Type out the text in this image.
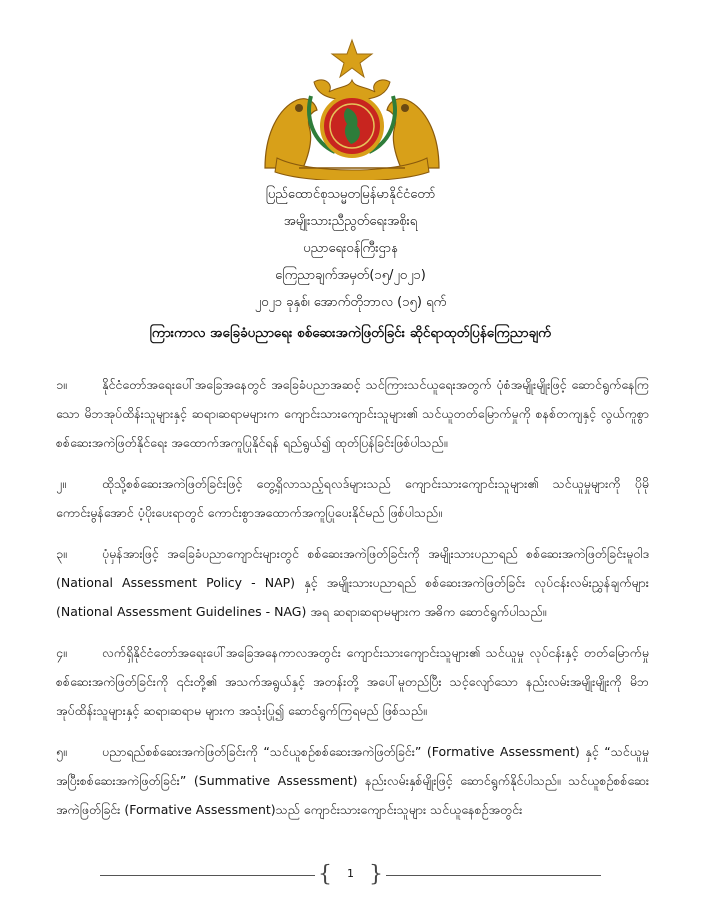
ပြည်ထောင်စုသမ္မတမြန်မာနိုင်ငံတော်
အမျိုးသားညီညွတ်ရေးအစိုးရ
ပညာရေးဝန်ကြီးဌာန
ကြေညာချက်အမှတ်(၁၅/၂၀၂၁)
၂၀၂၁ ခုနှစ်၊ အောက်တိုဘာလ (၁၅) ရက်
ကြားကာလ အခြေခံပညာရေး စစ်ဆေးအကဲဖြတ်ခြင်း ဆိုင်ရာထုတ်ပြန်ကြေညာချက်

၁။	နိုင်ငံတော်အရေးပေါ်အခြေအနေတွင် အခြေခံပညာအဆင့် သင်ကြားသင်ယူရေးအတွက် ပုံစံအမျိုးမျိုးဖြင့် ဆောင်ရွက်နေကြသော မိဘအုပ်ထိန်းသူများနှင့် ဆရာ၊ဆရာမများက ကျောင်းသားကျောင်းသူများ၏ သင်ယူတတ်မြောက်မှုကို စနစ်တကျနှင့် လွယ်ကူစွာ စစ်ဆေးအကဲဖြတ်နိုင်ရေး အထောက်အကူပြုနိုင်ရန် ရည်ရွယ်၍ ထုတ်ပြန်ခြင်းဖြစ်ပါသည်။

၂။	ထိုသို့စစ်ဆေးအကဲဖြတ်ခြင်းဖြင့် တွေ့ရှိလာသည့်ရလဒ်များသည် ကျောင်းသားကျောင်းသူများ၏ သင်ယူမှုများကို ပိုမိုကောင်းမွန်အောင် ပံ့ပိုးပေးရာတွင် ကောင်းစွာအထောက်အကူပြုပေးနိုင်မည် ဖြစ်ပါသည်။

၃။	ပုံမှန်အားဖြင့် အခြေခံပညာကျောင်းများတွင် စစ်ဆေးအကဲဖြတ်ခြင်းကို အမျိုးသားပညာရည် စစ်ဆေးအကဲဖြတ်ခြင်းမူဝါဒ (National Assessment Policy - NAP) နှင့် အမျိုးသားပညာရည် စစ်ဆေးအကဲဖြတ်ခြင်း လုပ်ငန်းလမ်းညွှန်ချက်များ (National Assessment Guidelines - NAG) အရ ဆရာ၊ဆရာမများက အဓိက ဆောင်ရွက်ပါသည်။

၄။	လက်ရှိနိုင်ငံတော်အရေးပေါ်အခြေအနေကာလအတွင်း ကျောင်းသားကျောင်းသူများ၏ သင်ယူမှု လုပ်ငန်းနှင့် တတ်မြောက်မှု စစ်ဆေးအကဲဖြတ်ခြင်းကို ၎င်းတို့၏ အသက်အရွယ်နှင့် အတန်းတို့ အပေါ်မူတည်ပြီး သင့်လျော်သော နည်းလမ်းအမျိုးမျိုးကို မိဘအုပ်ထိန်းသူများနှင့် ဆရာ၊ဆရာမ များက အသုံးပြု၍ ဆောင်ရွက်ကြရမည် ဖြစ်သည်။

၅။	ပညာရည်စစ်ဆေးအကဲဖြတ်ခြင်းကို “သင်ယူစဉ်စစ်ဆေးအကဲဖြတ်ခြင်း” (Formative Assessment) နှင့် “သင်ယူမှုအပြီးစစ်ဆေးအကဲဖြတ်ခြင်း” (Summative Assessment) နည်းလမ်းနှစ်မျိုးဖြင့် ဆောင်ရွက်နိုင်ပါသည်။ သင်ယူစဉ်စစ်ဆေးအကဲဖြတ်ခြင်း (Formative Assessment)သည် ကျောင်းသားကျောင်းသူများ သင်ယူနေစဉ်အတွင်း

{	1 }
